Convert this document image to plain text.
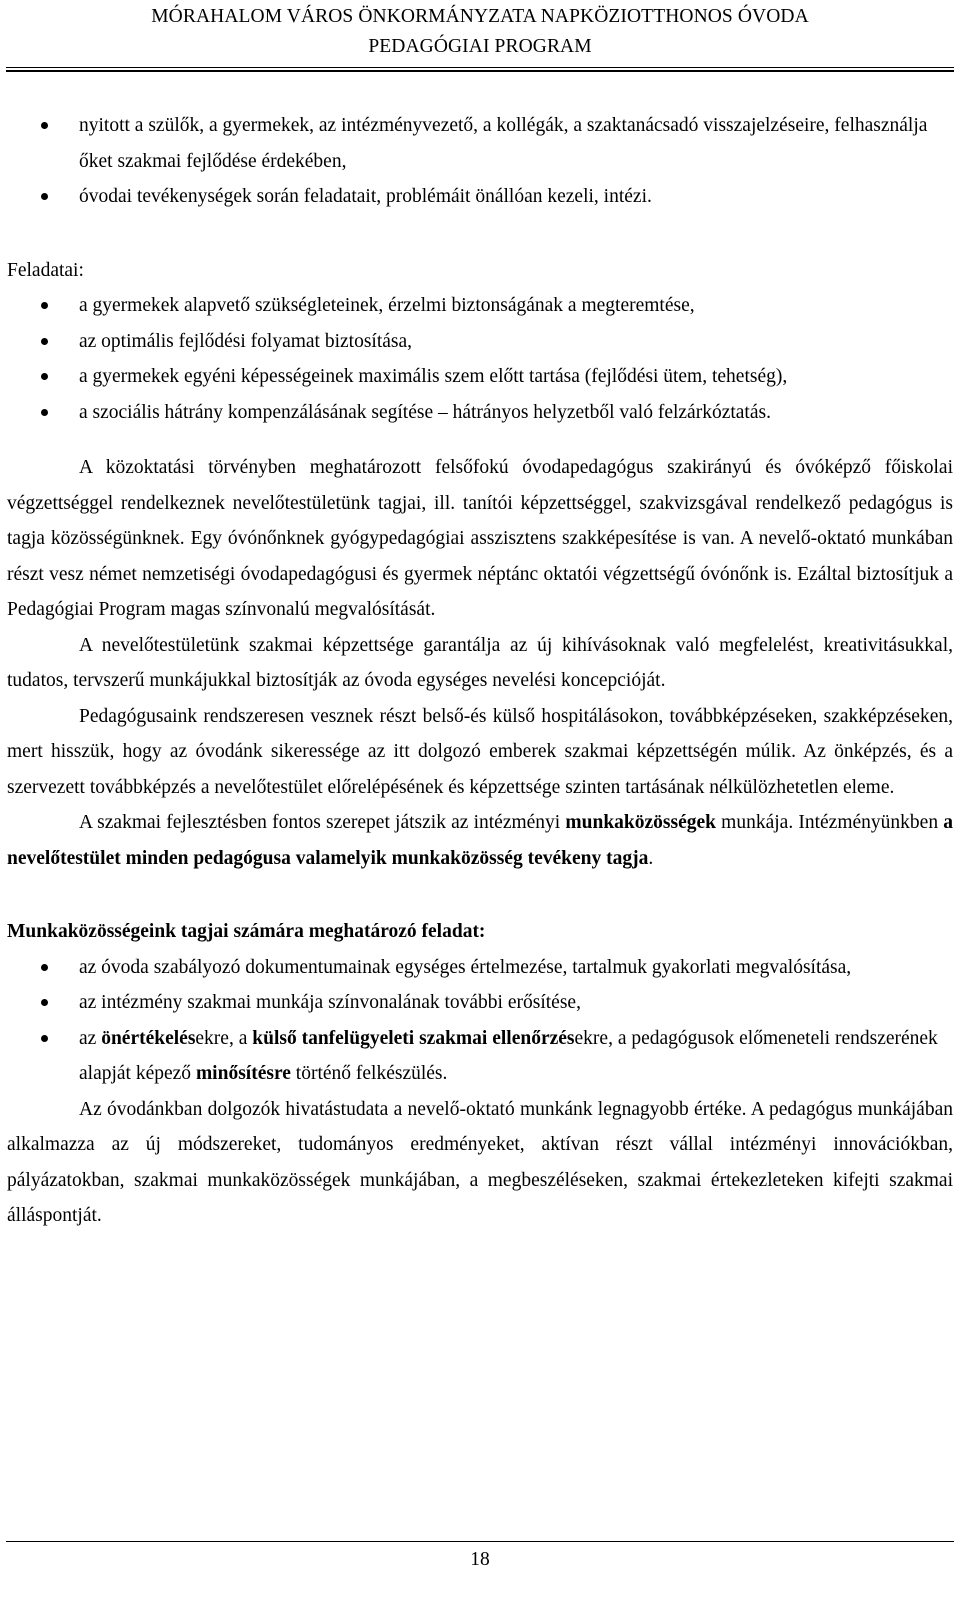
MÓRAHALOM VÁROS ÖNKORMÁNYZATA NAPKÖZIOTTHONOS ÓVODA
PEDAGÓGIAI PROGRAM
nyitott a szülők, a gyermekek, az intézményvezető, a kollégák, a szaktanácsadó visszajelzéseire, felhasználja őket szakmai fejlődése érdekében,
óvodai tevékenységek során feladatait, problémáit önállóan kezeli, intézi.
Feladatai:
a gyermekek alapvető szükségleteinek, érzelmi biztonságának a megteremtése,
az optimális fejlődési folyamat biztosítása,
a gyermekek egyéni képességeinek maximális szem előtt tartása (fejlődési ütem, tehetség),
a szociális hátrány kompenzálásának segítése – hátrányos helyzetből való felzárkóztatás.

A közoktatási törvényben meghatározott felsőfokú óvodapedagógus szakirányú és óvóképző főiskolai végzettséggel rendelkeznek nevelőtestületünk tagjai, ill. tanítói képzettséggel, szakvizsgával rendelkező pedagógus is tagja közösségünknek. Egy óvónőnknek gyógypedagógiai asszisztens szakképesítése is van. A nevelő-oktató munkában részt vesz német nemzetiségi óvodapedagógusi és gyermek néptánc oktatói végzettségű óvónőnk is. Ezáltal biztosítjuk a Pedagógiai Program magas színvonalú megvalósítását.

A nevelőtestületünk szakmai képzettsége garantálja az új kihívásoknak való megfelelést, kreativitásukkal, tudatos, tervszerű munkájukkal biztosítják az óvoda egységes nevelési koncepcióját.

Pedagógusaink rendszeresen vesznek részt belső-és külső hospitálásokon, továbbképzéseken, szakképzéseken, mert hisszük, hogy az óvodánk sikeressége az itt dolgozó emberek szakmai képzettségén múlik. Az önképzés, és a szervezett továbbképzés a nevelőtestület előrelépésének és képzettsége szinten tartásának nélkülözhetetlen eleme.

A szakmai fejlesztésben fontos szerepet játszik az intézményi munkaközösségek munkája. Intézményünkben a nevelőtestület minden pedagógusa valamelyik munkaközösség tevékeny tagja.

Munkaközösségeink tagjai számára meghatározó feladat:
az óvoda szabályozó dokumentumainak egységes értelmezése, tartalmuk gyakorlati megvalósítása,
az intézmény szakmai munkája színvonalának további erősítése,
az önértékelésekre, a külső tanfelügyeleti szakmai ellenőrzésekre, a pedagógusok előmeneteli rendszerének alapját képező minősítésre történő felkészülés.

Az óvodánkban dolgozók hivatástudata a nevelő-oktató munkánk legnagyobb értéke. A pedagógus munkájában alkalmazza az új módszereket, tudományos eredményeket, aktívan részt vállal intézményi innovációkban, pályázatokban, szakmai munkaközösségek munkájában, a megbeszéléseken, szakmai értekezleteken kifejti szakmai álláspontját.

18
